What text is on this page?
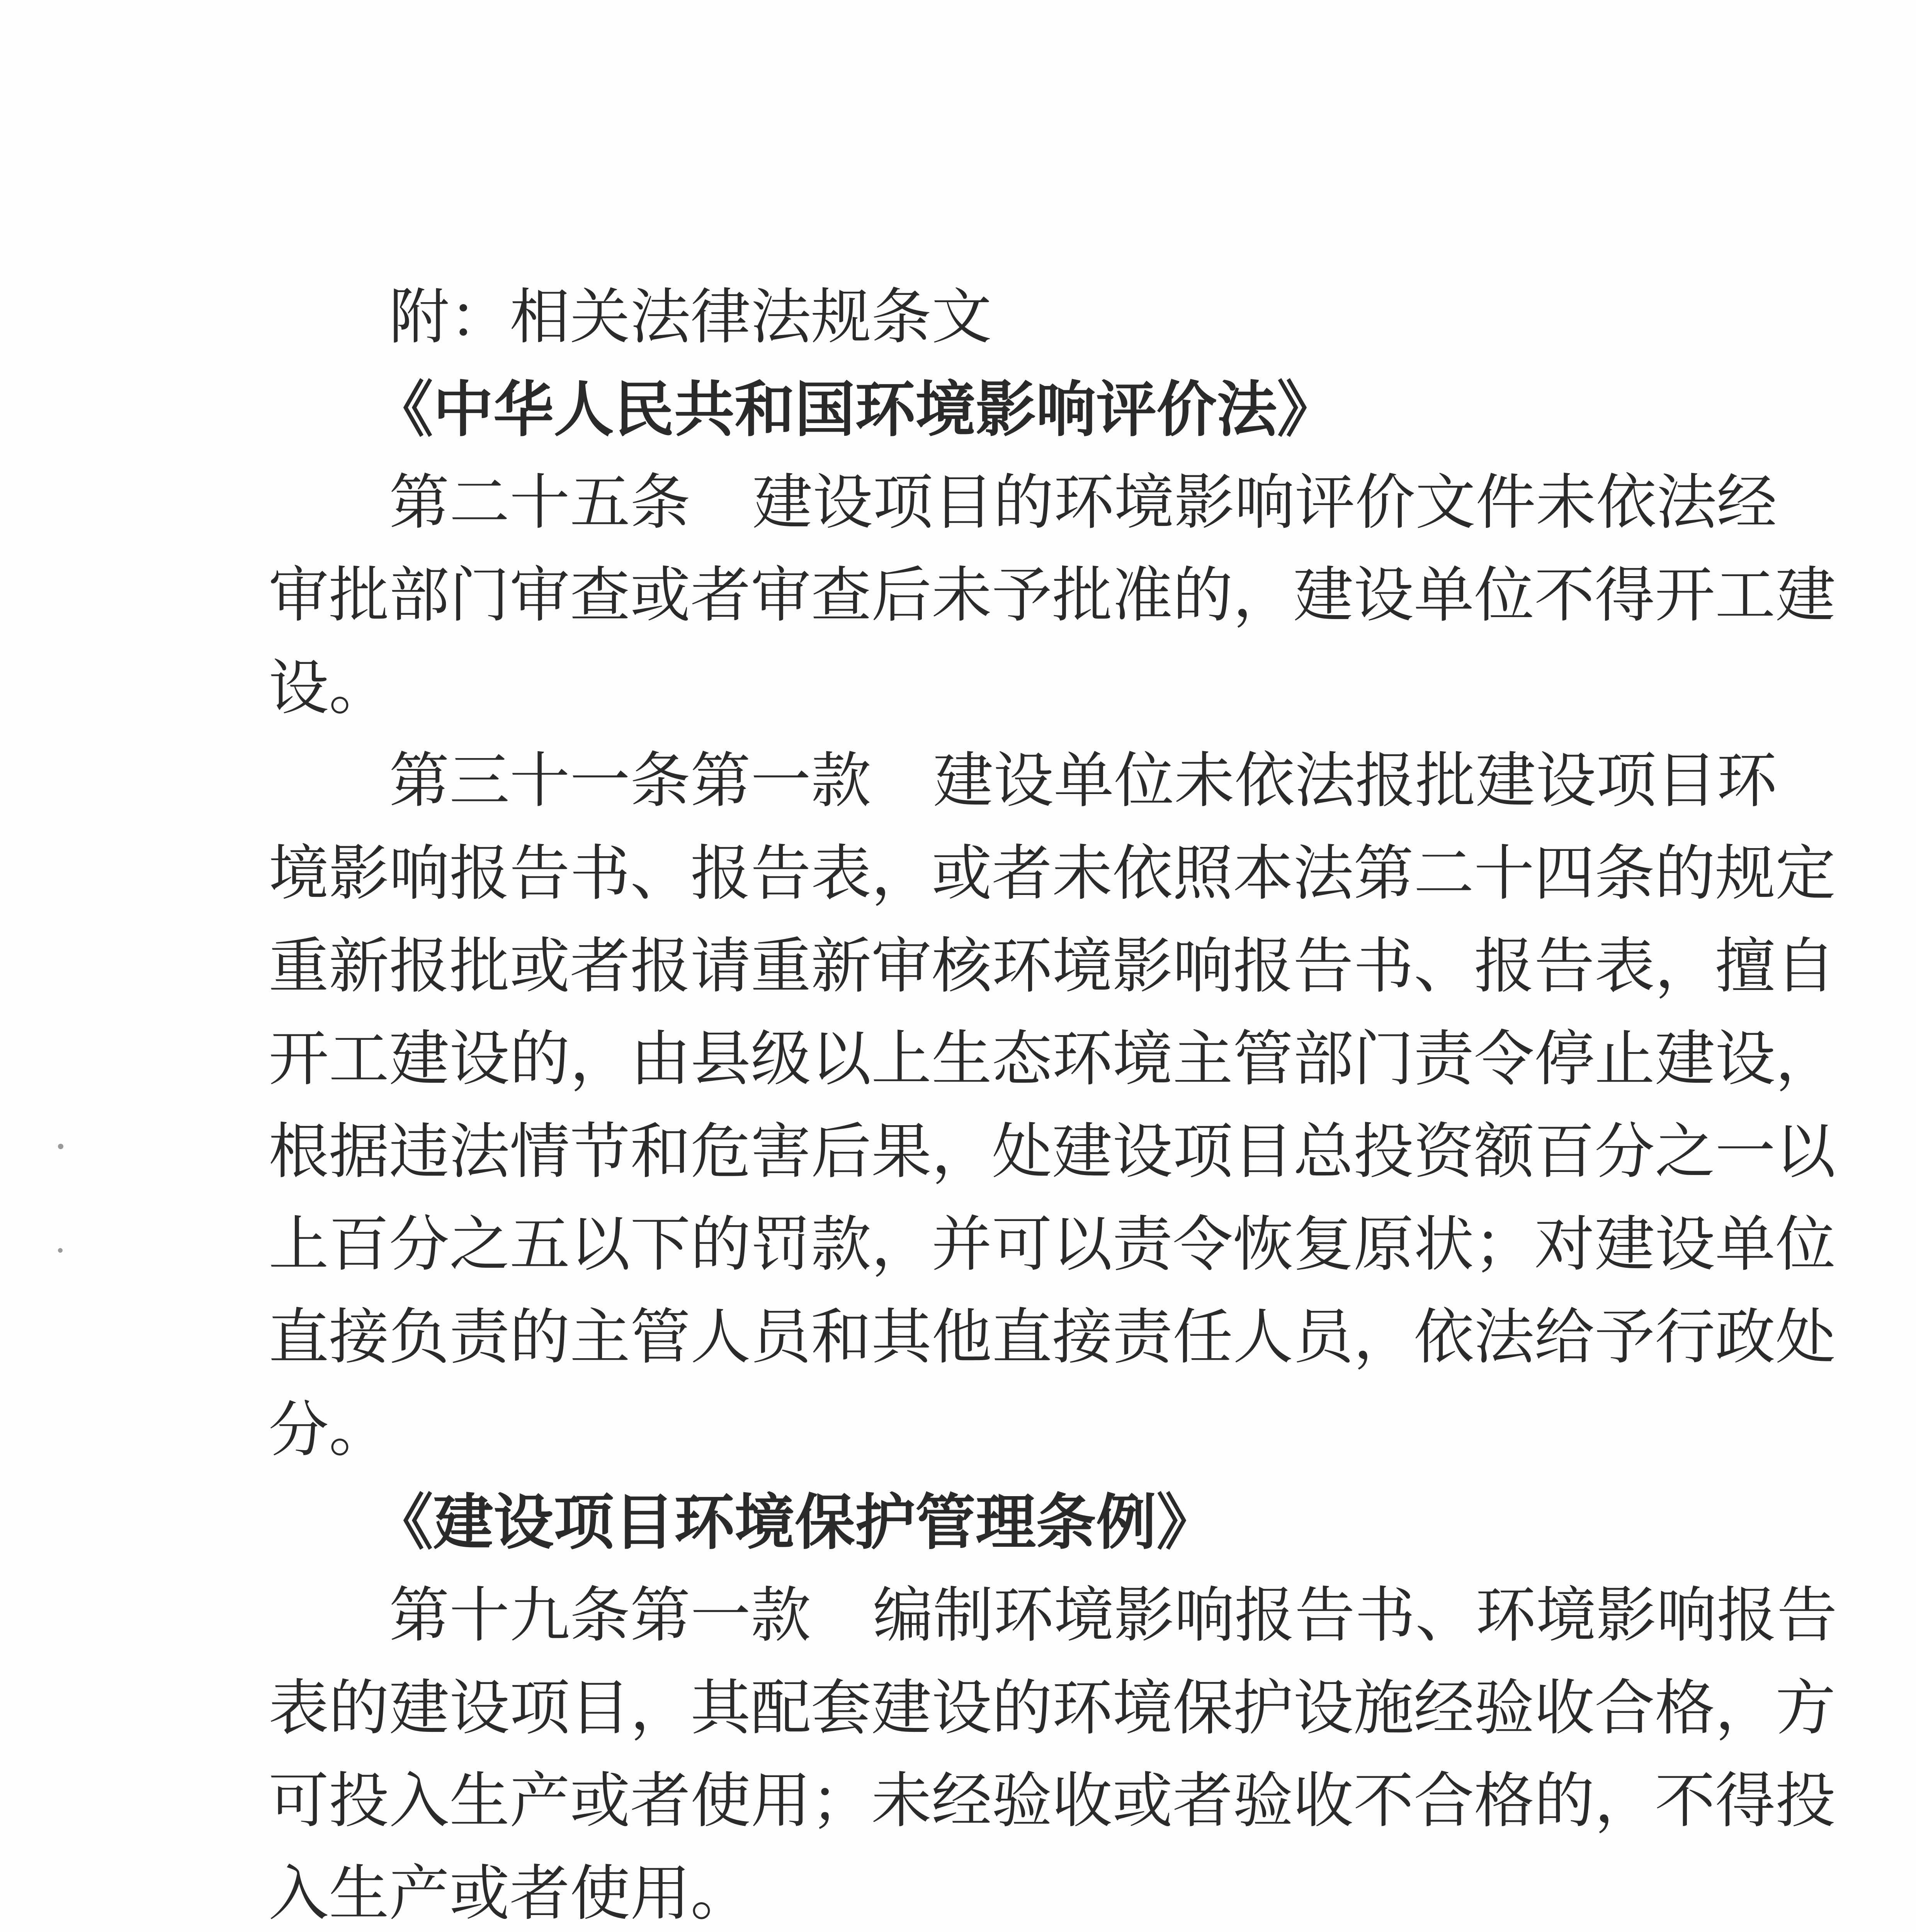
附：相关法律法规条文
《中华人民共和国环境影响评价法》
第二十五条 建设项目的环境影响评价文件未依法经
审批部门审查或者审查后未予批准的，建设单位不得开工建
设。
第三十一条第一款 建设单位未依法报批建设项目环
境影响报告书、报告表，或者未依照本法第二十四条的规定
重新报批或者报请重新审核环境影响报告书、报告表，擅自
开工建设的，由县级以上生态环境主管部门责令停止建设，
根据违法情节和危害后果，处建设项目总投资额百分之一以
上百分之五以下的罚款，并可以责令恢复原状；对建设单位
直接负责的主管人员和其他直接责任人员，依法给予行政处
分。
《建设项目环境保护管理条例》
第十九条第一款 编制环境影响报告书、环境影响报告
表的建设项目，其配套建设的环境保护设施经验收合格，方
可投入生产或者使用；未经验收或者验收不合格的，不得投
入生产或者使用。
